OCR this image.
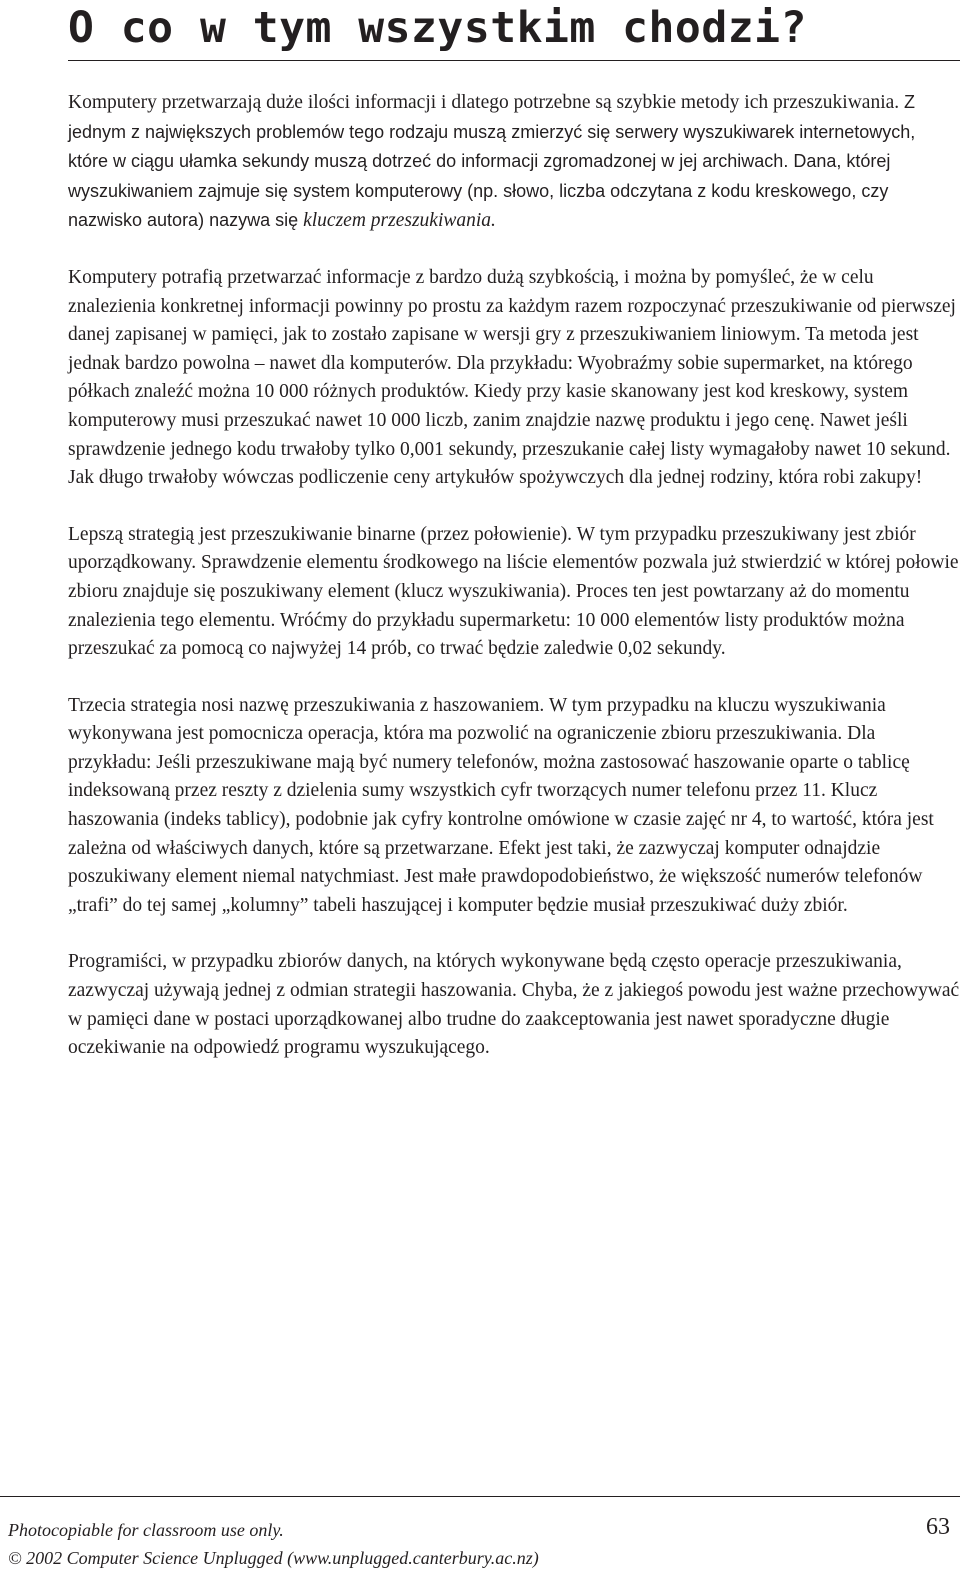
O co w tym wszystkim chodzi?

Komputery przetwarzają duże ilości informacji i dlatego potrzebne są szybkie metody ich przeszukiwania. Z jednym z największych problemów tego rodzaju muszą zmierzyć się serwery wyszukiwarek internetowych, które w ciągu ułamka sekundy muszą dotrzeć do informacji zgromadzonej w jej archiwach. Dana, której wyszukiwaniem zajmuje się system komputerowy (np. słowo, liczba odczytana z kodu kreskowego, czy nazwisko autora) nazywa się kluczem przeszukiwania.

Komputery potrafią przetwarzać informacje z bardzo dużą szybkością, i można by pomyśleć, że w celu znalezienia konkretnej informacji powinny po prostu za każdym razem rozpoczynać przeszukiwanie od pierwszej danej zapisanej w pamięci, jak to zostało zapisane w wersji gry z przeszukiwaniem liniowym. Ta metoda jest jednak bardzo powolna – nawet dla komputerów. Dla przykładu: Wyobraźmy sobie supermarket, na którego półkach znaleźć można 10 000 różnych produktów. Kiedy przy kasie skanowany jest kod kreskowy, system komputerowy musi przeszukać nawet 10 000 liczb, zanim znajdzie nazwę produktu i jego cenę. Nawet jeśli sprawdzenie jednego kodu trwałoby tylko 0,001 sekundy, przeszukanie całej listy wymagałoby nawet 10 sekund. Jak długo trwałoby wówczas podliczenie ceny artykułów spożywczych dla jednej rodziny, która robi zakupy!

Lepszą strategią jest przeszukiwanie binarne (przez połowienie). W tym przypadku przeszukiwany jest zbiór uporządkowany. Sprawdzenie elementu środkowego na liście elementów pozwala już stwierdzić w której połowie zbioru znajduje się poszukiwany element (klucz wyszukiwania). Proces ten jest powtarzany aż do momentu znalezienia tego elementu. Wróćmy do przykładu supermarketu: 10 000 elementów listy produktów można przeszukać za pomocą co najwyżej 14 prób, co trwać będzie zaledwie 0,02 sekundy.

Trzecia strategia nosi nazwę przeszukiwania z haszowaniem. W tym przypadku na kluczu wyszukiwania wykonywana jest pomocnicza operacja, która ma pozwolić na ograniczenie zbioru przeszukiwania. Dla przykładu: Jeśli przeszukiwane mają być numery telefonów, można zastosować haszowanie oparte o tablicę indeksowaną przez reszty z dzielenia sumy wszystkich cyfr tworzących numer telefonu przez 11. Klucz haszowania (indeks tablicy), podobnie jak cyfry kontrolne omówione w czasie zajęć nr 4, to wartość, która jest zależna od właściwych danych, które są przetwarzane. Efekt jest taki, że zazwyczaj komputer odnajdzie poszukiwany element niemal natychmiast. Jest małe prawdopodobieństwo, że większość numerów telefonów „trafi” do tej samej „kolumny” tabeli haszującej i komputer będzie musiał przeszukiwać duży zbiór.

Programiści, w przypadku zbiorów danych, na których wykonywane będą często operacje przeszukiwania, zazwyczaj używają jednej z odmian strategii haszowania. Chyba, że z jakiegoś powodu jest ważne przechowywać w pamięci dane w postaci uporządkowanej albo trudne do zaakceptowania jest nawet sporadyczne długie oczekiwanie na odpowiedź programu wyszukującego.

Photocopiable for classroom use only.
© 2002 Computer Science Unplugged (www.unplugged.canterbury.ac.nz)
63
